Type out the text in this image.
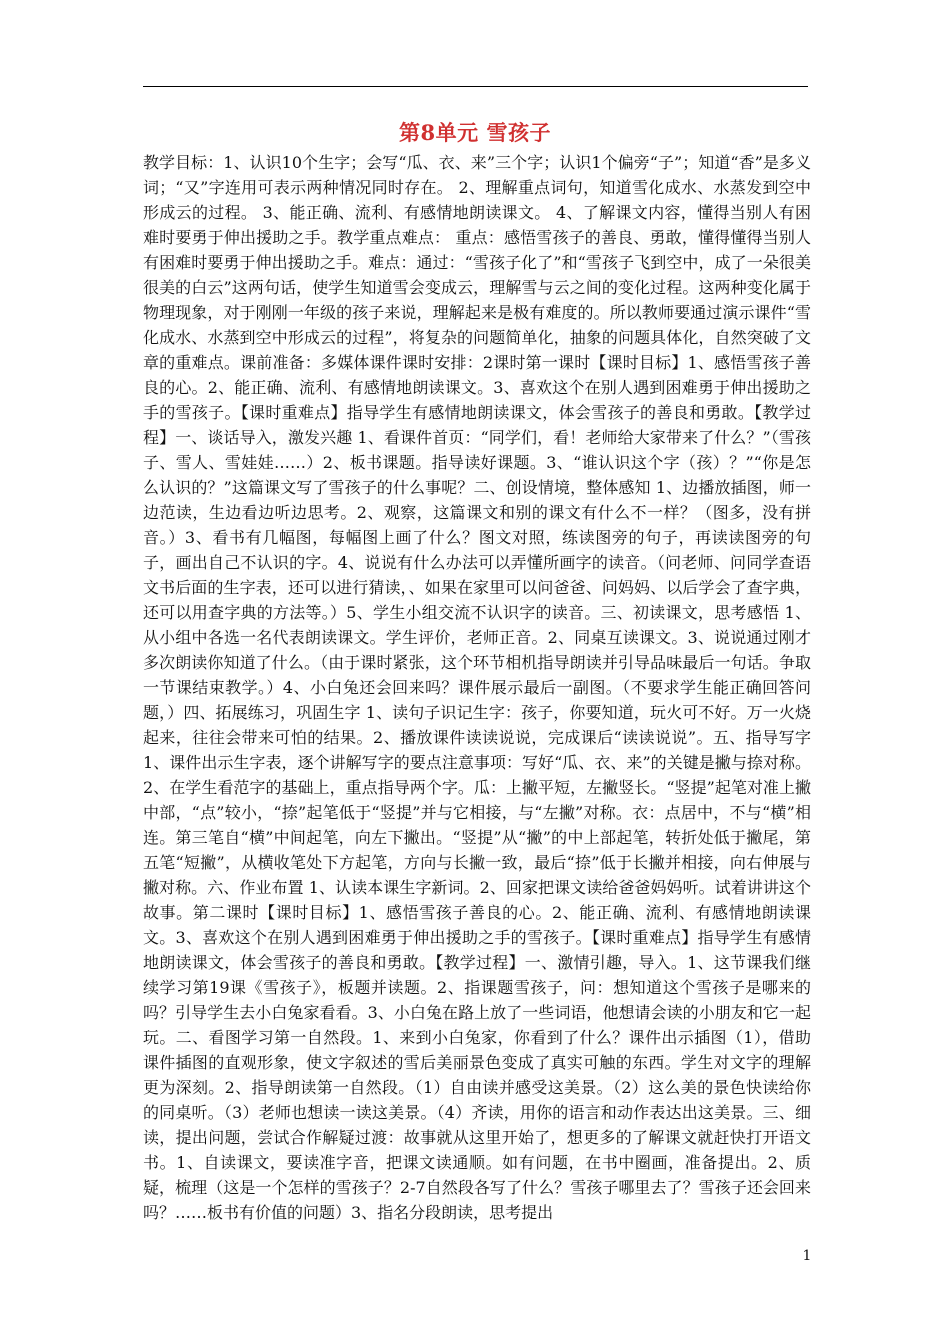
第8单元 雪孩子

教学目标：1、认识10个生字；会写“瓜、衣、来”三个字；认识1个偏旁“子”；知道“香”是多义词；“又”字连用可表示两种情况同时存在。 2、理解重点词句，知道雪化成水、水蒸发到空中形成云的过程。 3、能正确、流利、有感情地朗读课文。 4、了解课文内容，懂得当别人有困难时要勇于伸出援助之手。教学重点难点： 重点：感悟雪孩子的善良、勇敢，懂得懂得当别人有困难时要勇于伸出援助之手。难点：通过：“雪孩子化了”和“雪孩子飞到空中，成了一朵很美很美的白云”这两句话，使学生知道雪会变成云，理解雪与云之间的变化过程。这两种变化属于物理现象，对于刚刚一年级的孩子来说，理解起来是极有难度的。所以教师要通过演示课件“雪化成水、水蒸到空中形成云的过程”，将复杂的问题简单化，抽象的问题具体化，自然突破了文章的重难点。课前准备：多媒体课件课时安排：2课时第一课时【课时目标】1、感悟雪孩子善良的心。2、能正确、流利、有感情地朗读课文。3、喜欢这个在别人遇到困难勇于伸出援助之手的雪孩子。【课时重难点】指导学生有感情地朗读课文，体会雪孩子的善良和勇敢。【教学过程】一、谈话导入，激发兴趣 1、看课件首页：“同学们，看！老师给大家带来了什么？”（雪孩子、雪人、雪娃娃……）2、板书课题。指导读好课题。3、“谁认识这个字（孩）？”“你是怎么认识的？”这篇课文写了雪孩子的什么事呢？二、创设情境，整体感知 1、边播放插图，师一边范读，生边看边听边思考。2、观察，这篇课文和别的课文有什么不一样？（图多，没有拼音。）3、看书有几幅图，每幅图上画了什么？图文对照，练读图旁的句子，再读读图旁的句子，画出自己不认识的字。4、说说有什么办法可以弄懂所画字的读音。（问老师、问同学查语文书后面的生字表，还可以进行猜读，、如果在家里可以问爸爸、问妈妈、以后学会了查字典，还可以用查字典的方法等。）5、学生小组交流不认识字的读音。三、初读课文，思考感悟 1、从小组中各选一名代表朗读课文。学生评价，老师正音。2、同桌互读课文。3、说说通过刚才多次朗读你知道了什么。（由于课时紧张，这个环节相机指导朗读并引导品味最后一句话。争取一节课结束教学。）4、小白兔还会回来吗？课件展示最后一副图。（不要求学生能正确回答问题，）四、拓展练习，巩固生字 1、读句子识记生字：孩子，你要知道，玩火可不好。万一火烧起来，往往会带来可怕的结果。2、播放课件读读说说，完成课后“读读说说”。五、指导写字 1、课件出示生字表，逐个讲解写字的要点注意事项：写好“瓜、衣、来”的关键是撇与捺对称。2、在学生看范字的基础上，重点指导两个字。瓜：上撇平短，左撇竖长。“竖提”起笔对准上撇中部，“点”较小，“捺”起笔低于“竖提”并与它相接，与“左撇”对称。衣：点居中，不与“横”相连。第三笔自“横”中间起笔，向左下撇出。“竖提”从“撇”的中上部起笔，转折处低于撇尾，第五笔“短撇”，从横收笔处下方起笔，方向与长撇一致，最后“捺”低于长撇并相接，向右伸展与撇对称。六、作业布置 1、认读本课生字新词。2、回家把课文读给爸爸妈妈听。试着讲讲这个故事。第二课时【课时目标】1、感悟雪孩子善良的心。2、能正确、流利、有感情地朗读课文。3、喜欢这个在别人遇到困难勇于伸出援助之手的雪孩子。【课时重难点】指导学生有感情地朗读课文，体会雪孩子的善良和勇敢。【教学过程】一、激情引趣，导入。1、这节课我们继续学习第19课《雪孩子》，板题并读题。2、指课题雪孩子，问：想知道这个雪孩子是哪来的吗？引导学生去小白兔家看看。3、小白兔在路上放了一些词语，他想请会读的小朋友和它一起玩。二、看图学习第一自然段。1、来到小白兔家，你看到了什么？课件出示插图（1），借助课件插图的直观形象，使文字叙述的雪后美丽景色变成了真实可触的东西。学生对文字的理解更为深刻。2、指导朗读第一自然段。（1）自由读并感受这美景。（2）这么美的景色快读给你的同桌听。（3）老师也想读一读这美景。（4）齐读，用你的语言和动作表达出这美景。三、细读，提出问题，尝试合作解疑过渡：故事就从这里开始了，想更多的了解课文就赶快打开语文书。1、自读课文，要读准字音，把课文读通顺。如有问题，在书中圈画，准备提出。2、质疑，梳理（这是一个怎样的雪孩子？2-7自然段各写了什么？雪孩子哪里去了？雪孩子还会回来吗？……板书有价值的问题）3、指名分段朗读，思考提出

1
